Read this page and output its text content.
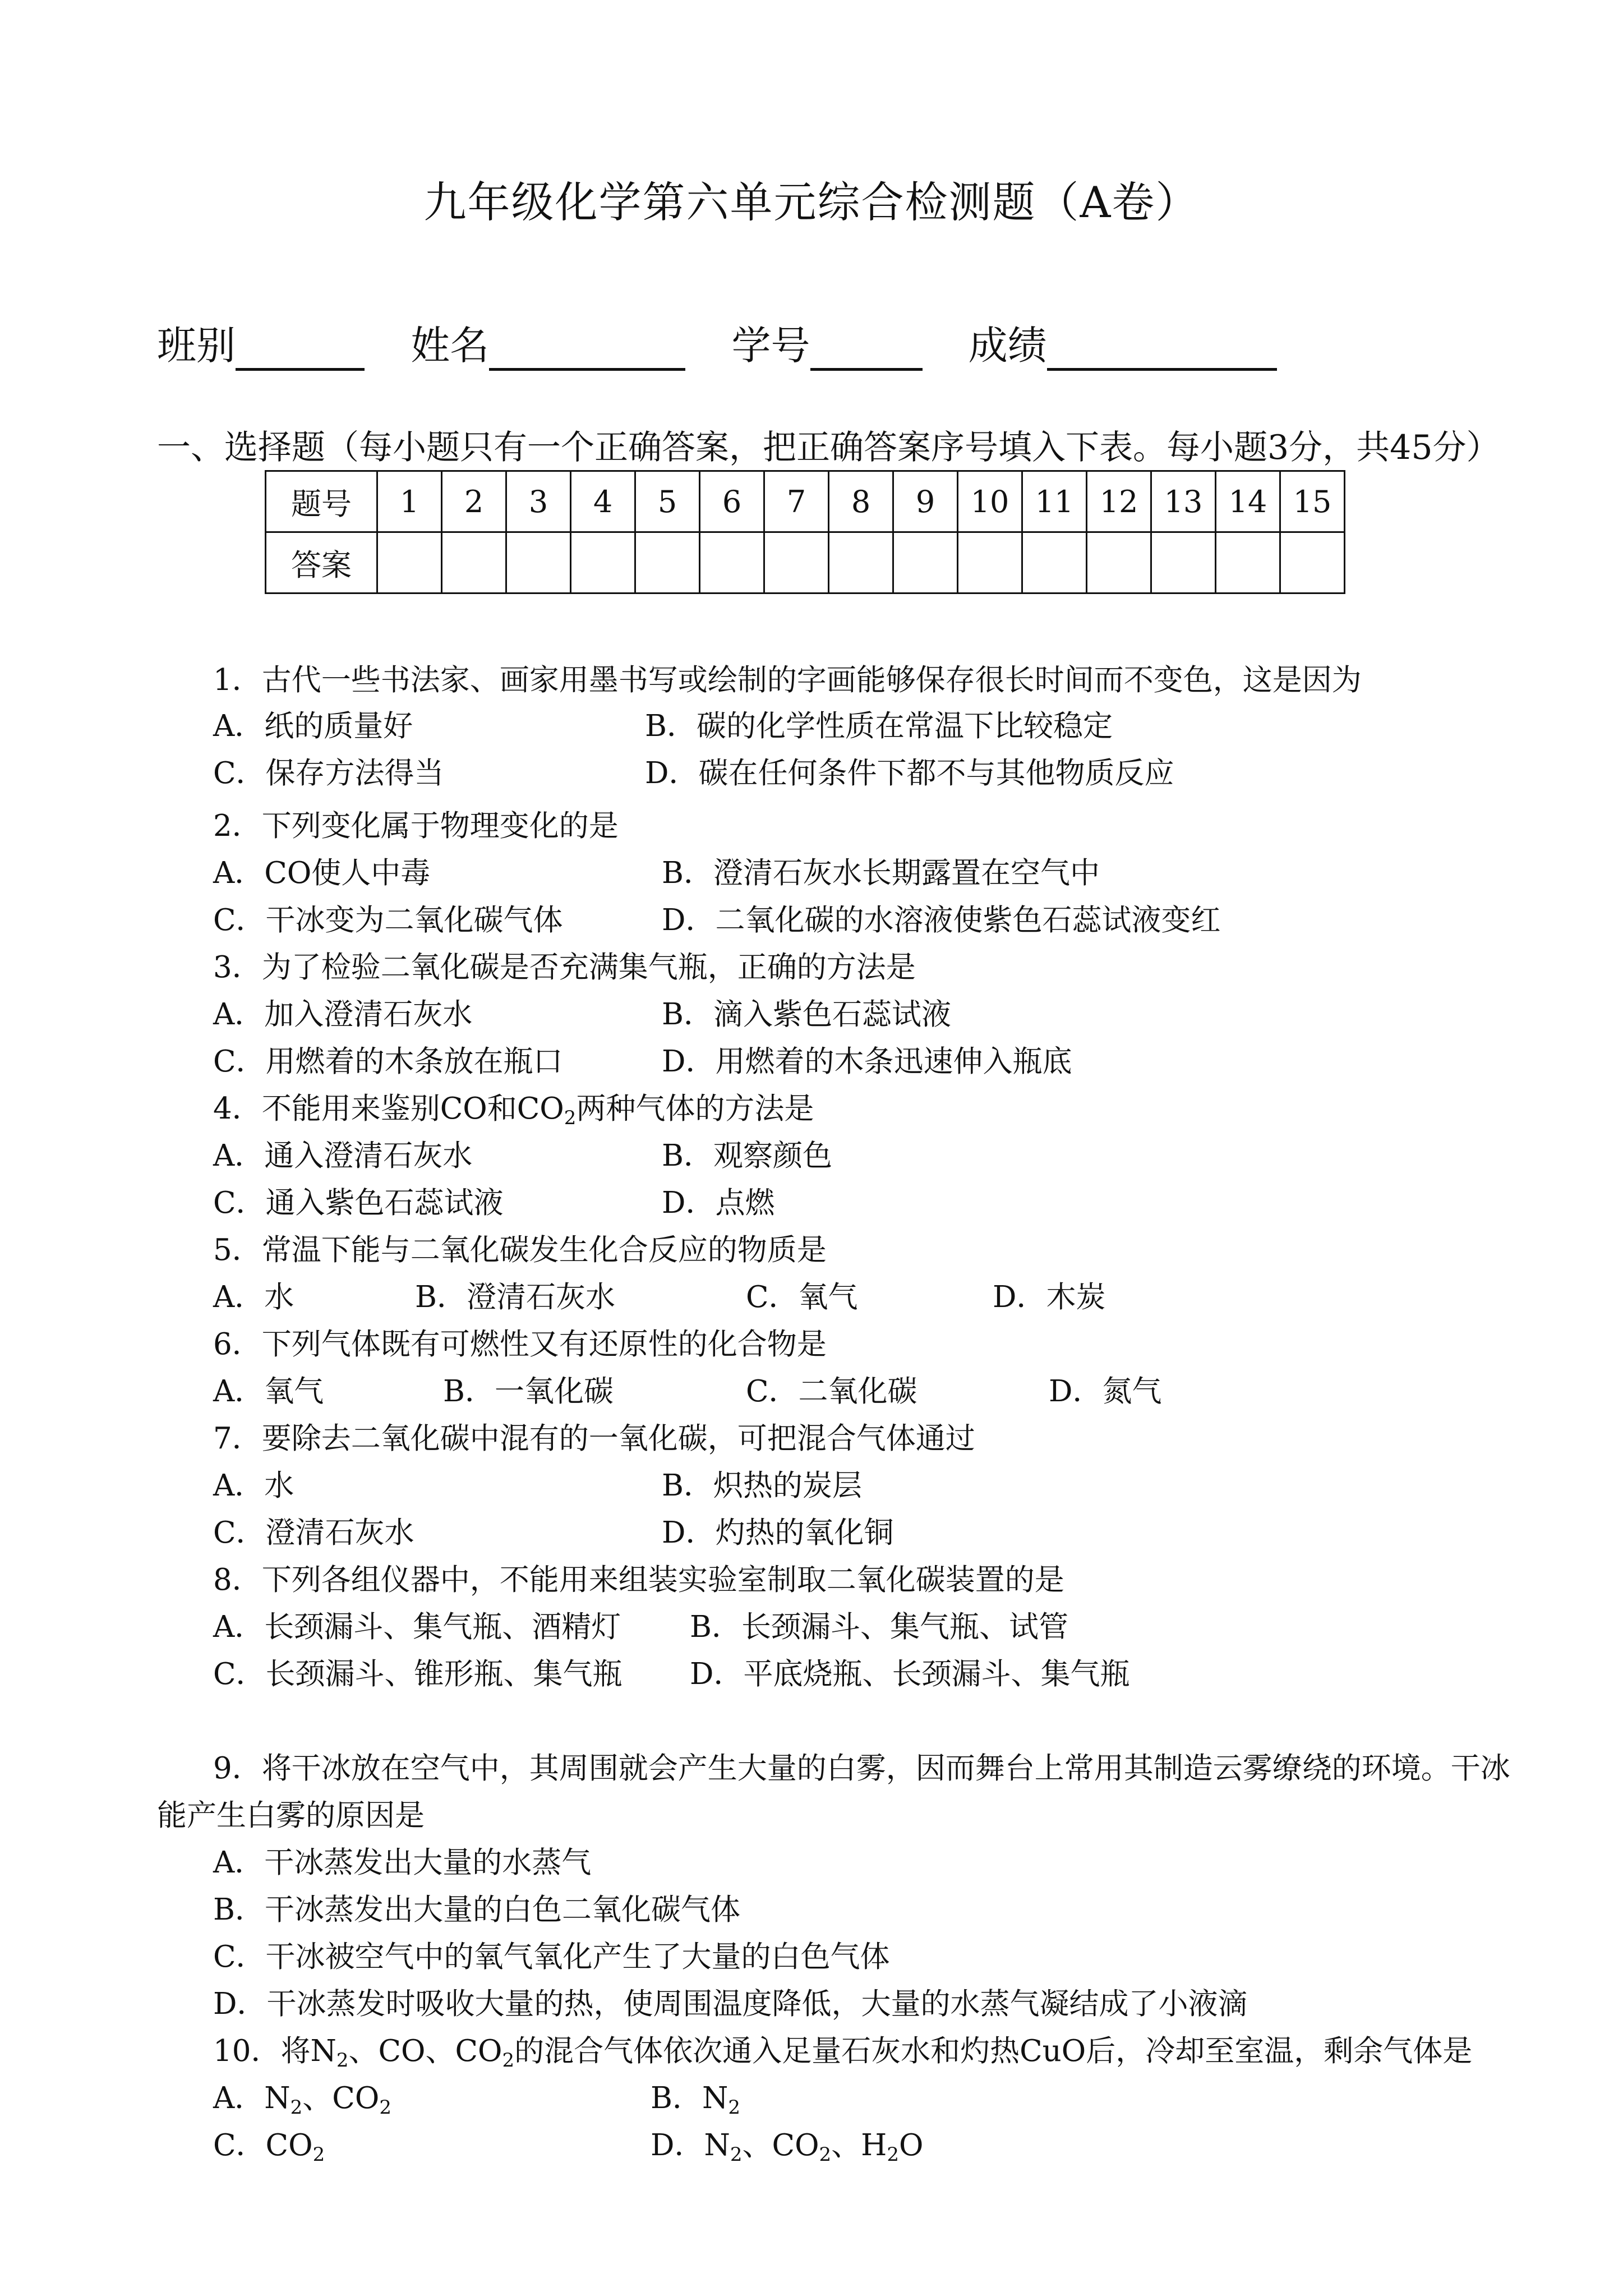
九年级化学第六单元综合检测题（A卷）
班别	姓名	学号	成绩
一、选择题（每小题只有一个正确答案，把正确答案序号填入下表。每小题3分，共45分）
题号	1	2	3	4	5	6	7	8	9	10	11	12	13	14	15
答案															
1．古代一些书法家、画家用墨书写或绘制的字画能够保存很长时间而不变色，这是因为
A．纸的质量好	B．碳的化学性质在常温下比较稳定
C．保存方法得当	D．碳在任何条件下都不与其他物质反应
2．下列变化属于物理变化的是
A．CO使人中毒	B．澄清石灰水长期露置在空气中
C．干冰变为二氧化碳气体	D．二氧化碳的水溶液使紫色石蕊试液变红
3．为了检验二氧化碳是否充满集气瓶，正确的方法是
A．加入澄清石灰水	B．滴入紫色石蕊试液
C．用燃着的木条放在瓶口	D．用燃着的木条迅速伸入瓶底
4．不能用来鉴别CO和$CO_2$两种气体的方法是
A．通入澄清石灰水	B．观察颜色
C．通入紫色石蕊试液	D．点燃
5．常温下能与二氧化碳发生化合反应的物质是
A．水	B．澄清石灰水	C．氧气	D．木炭
6．下列气体既有可燃性又有还原性的化合物是
A．氧气	B．一氧化碳	C．二氧化碳	D．氮气
7．要除去二氧化碳中混有的一氧化碳，可把混合气体通过
A．水	B．炽热的炭层
C．澄清石灰水	D．灼热的氧化铜
8．下列各组仪器中，不能用来组装实验室制取二氧化碳装置的是
A．长颈漏斗、集气瓶、酒精灯 B．长颈漏斗、集气瓶、试管
C．长颈漏斗、锥形瓶、集气瓶 D．平底烧瓶、长颈漏斗、集气瓶
9．将干冰放在空气中，其周围就会产生大量的白雾，因而舞台上常用其制造云雾缭绕的环境。干冰
能产生白雾的原因是
A．干冰蒸发出大量的水蒸气
B．干冰蒸发出大量的白色二氧化碳气体
C．干冰被空气中的氧气氧化产生了大量的白色气体
D．干冰蒸发时吸收大量的热，使周围温度降低，大量的水蒸气凝结成了小液滴
10．将$N_2$、CO、$CO_2$的混合气体依次通入足量石灰水和灼热CuO后，冷却至室温，剩余气体是
A．$N_2$、$CO_2$	B．$N_2$
C．$CO_2$	D．$N_2$、$CO_2$、$H_2O$
